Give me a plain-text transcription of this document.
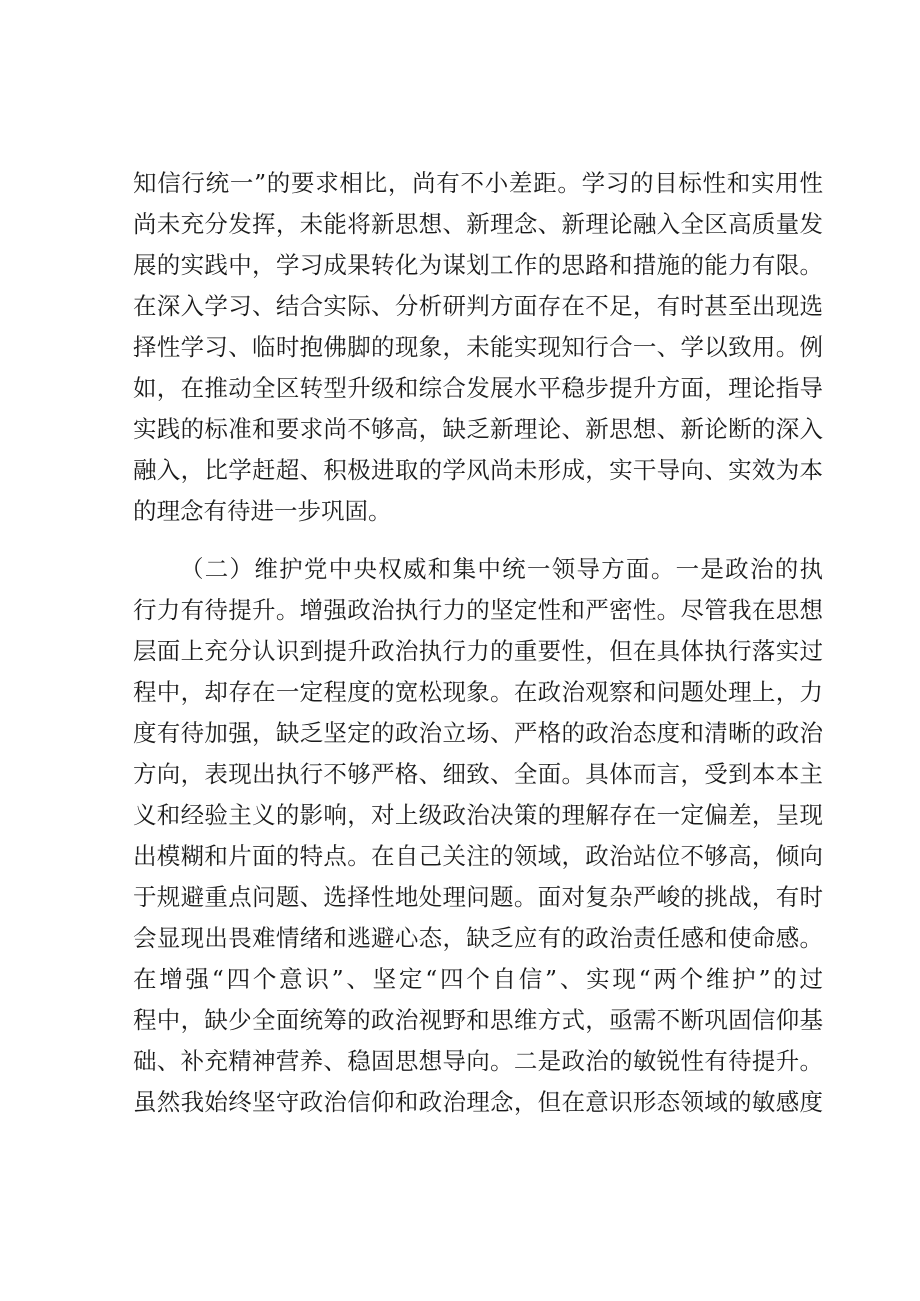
知信行统一”的要求相比，尚有不小差距。学习的目标性和实用性
尚未充分发挥，未能将新思想、新理念、新理论融入全区高质量发
展的实践中，学习成果转化为谋划工作的思路和措施的能力有限。
在深入学习、结合实际、分析研判方面存在不足，有时甚至出现选
择性学习、临时抱佛脚的现象，未能实现知行合一、学以致用。例
如，在推动全区转型升级和综合发展水平稳步提升方面，理论指导
实践的标准和要求尚不够高，缺乏新理论、新思想、新论断的深入
融入，比学赶超、积极进取的学风尚未形成，实干导向、实效为本
的理念有待进一步巩固。
（二）维护党中央权威和集中统一领导方面。一是政治的执
行力有待提升。增强政治执行力的坚定性和严密性。尽管我在思想
层面上充分认识到提升政治执行力的重要性，但在具体执行落实过
程中，却存在一定程度的宽松现象。在政治观察和问题处理上，力
度有待加强，缺乏坚定的政治立场、严格的政治态度和清晰的政治
方向，表现出执行不够严格、细致、全面。具体而言，受到本本主
义和经验主义的影响，对上级政治决策的理解存在一定偏差，呈现
出模糊和片面的特点。在自己关注的领域，政治站位不够高，倾向
于规避重点问题、选择性地处理问题。面对复杂严峻的挑战，有时
会显现出畏难情绪和逃避心态，缺乏应有的政治责任感和使命感。
在增强“四个意识”、坚定“四个自信”、实现“两个维护”的过
程中，缺少全面统筹的政治视野和思维方式，亟需不断巩固信仰基
础、补充精神营养、稳固思想导向。二是政治的敏锐性有待提升。
虽然我始终坚守政治信仰和政治理念，但在意识形态领域的敏感度
